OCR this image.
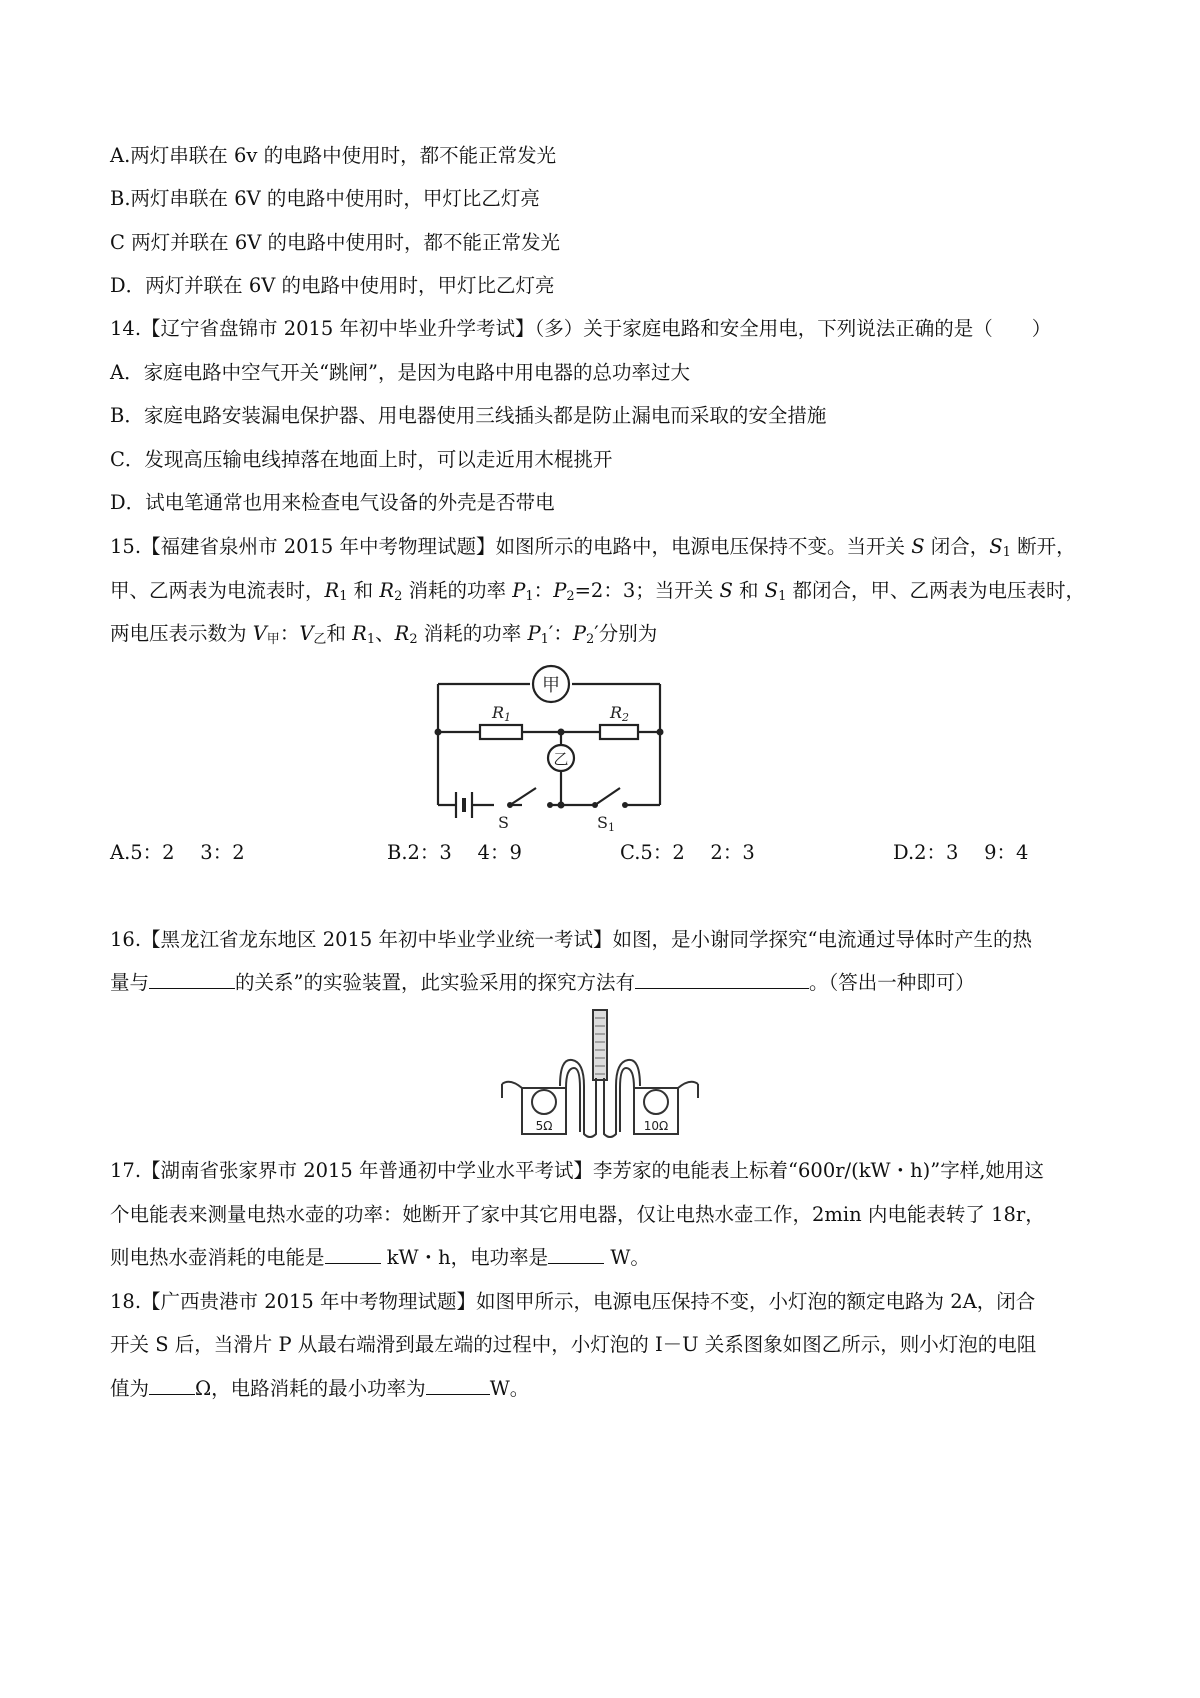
A.两灯串联在 6v 的电路中使用时，都不能正常发光
B.两灯串联在 6V 的电路中使用时，甲灯比乙灯亮
C 两灯并联在 6V 的电路中使用时，都不能正常发光
D．两灯并联在 6V 的电路中使用时，甲灯比乙灯亮
14.【辽宁省盘锦市 2015 年初中毕业升学考试】（多）关于家庭电路和安全用电，下列说法正确的是（　　）
A．家庭电路中空气开关“跳闸”，是因为电路中用电器的总功率过大
B．家庭电路安装漏电保护器、用电器使用三线插头都是防止漏电而采取的安全措施
C．发现高压输电线掉落在地面上时，可以走近用木棍挑开
D．试电笔通常也用来检查电气设备的外壳是否带电
15.【福建省泉州市 2015 年中考物理试题】如图所示的电路中，电源电压保持不变。当开关 S 闭合，$S_1$ 断开，
甲、乙两表为电流表时，$R_1$ 和 $R_2$ 消耗的功率 $P_1$：$P_2=2$：3；当开关 S 和 $S_1$ 都闭合，甲、乙两表为电压表时，
两电压表示数为 $V_甲$：$V_乙$和 $R_1$、$R_2$ 消耗的功率 $P_1'$：$P_2'$分别为
甲
乙
R1	R2
S	S1
A.5：2　 3：2	B.2：3　 4：9	C.5：2　 2：3	D.2：3　 9：4
16.【黑龙江省龙东地区 2015 年初中毕业学业统一考试】如图，是小谢同学探究“电流通过导体时产生的热
量与	的关系”的实验装置，此实验采用的探究方法有	。（答出一种即可）
5Ω	10Ω
17.【湖南省张家界市 2015 年普通初中学业水平考试】李芳家的电能表上标着“600r/(kW・h)”字样,她用这
个电能表来测量电热水壶的功率：她断开了家中其它用电器，仅让电热水壶工作，2min 内电能表转了 18r，
则电热水壶消耗的电能是	kW・h，电功率是	W。
18.【广西贵港市 2015 年中考物理试题】如图甲所示，电源电压保持不变，小灯泡的额定电路为 2A，闭合
开关 S 后，当滑片 P 从最右端滑到最左端的过程中，小灯泡的 I－U 关系图象如图乙所示，则小灯泡的电阻
值为 Ω，电路消耗的最小功率为	W。
